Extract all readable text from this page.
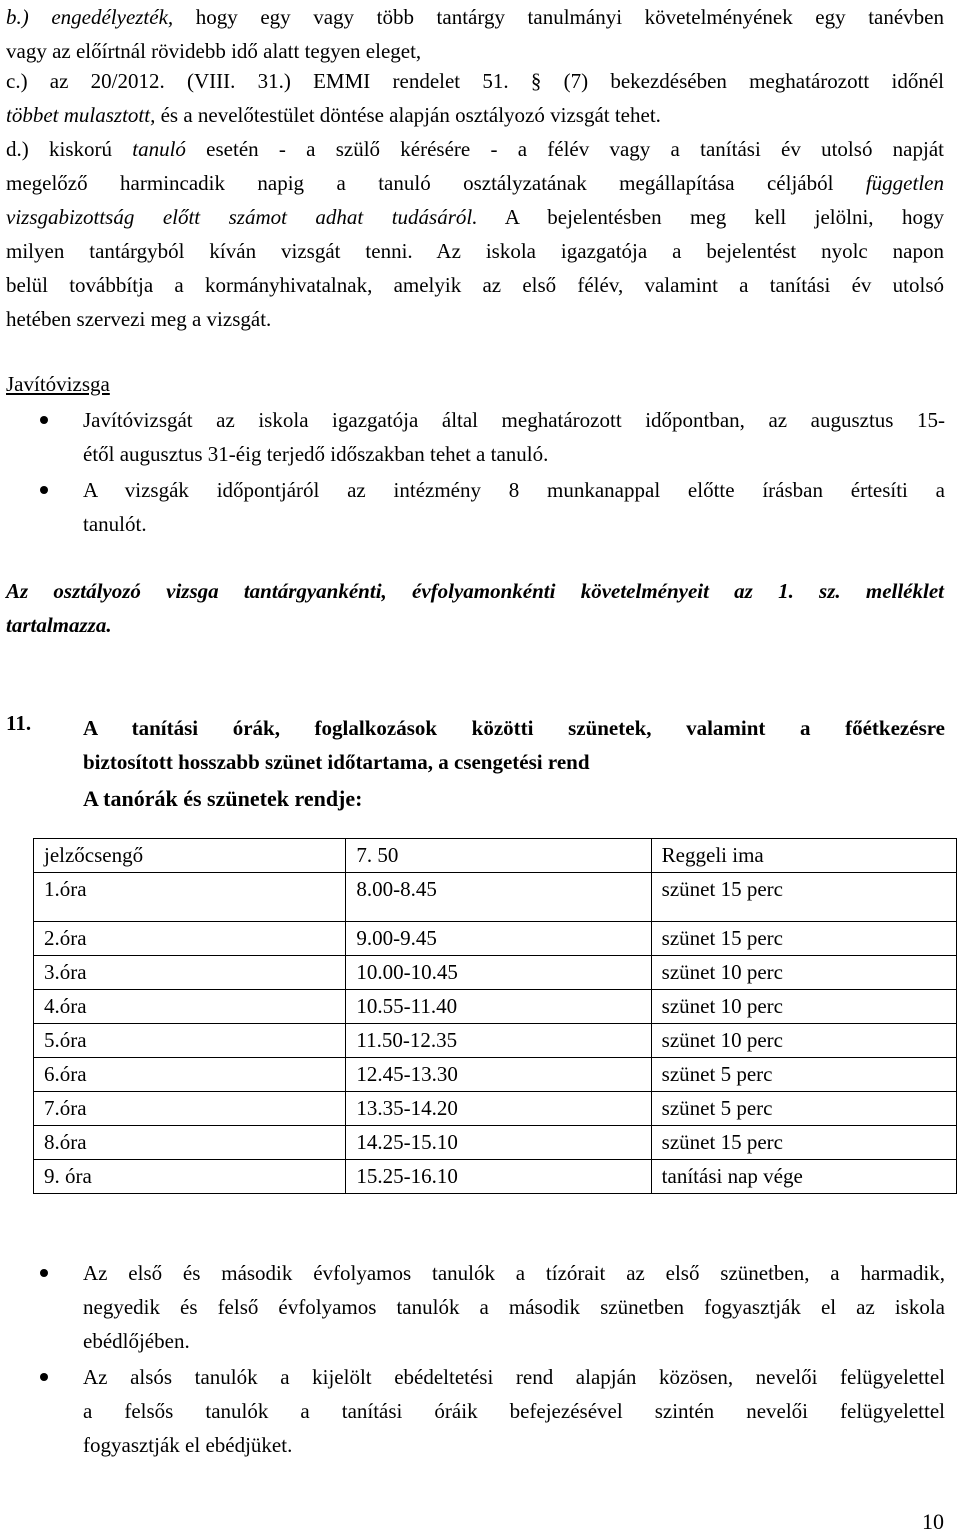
b.) engedélyezték, hogy egy vagy több tantárgy tanulmányi követelményének egy tanévben
vagy az előírtnál rövidebb idő alatt tegyen eleget,
c.) az 20/2012. (VIII. 31.) EMMI rendelet 51. § (7) bekezdésében meghatározott időnél
többet mulasztott, és a nevelőtestület döntése alapján osztályozó vizsgát tehet.
d.) kiskorú tanuló esetén - a szülő kérésére - a félév vagy a tanítási év utolsó napját
megelőző harmincadik napig a tanuló osztályzatának megállapítása céljából független
vizsgabizottság előtt számot adhat tudásáról. A bejelentésben meg kell jelölni, hogy
milyen tantárgyból kíván vizsgát tenni. Az iskola igazgatója a bejelentést nyolc napon
belül továbbítja a kormányhivatalnak, amelyik az első félév, valamint a tanítási év utolsó
hetében szervezi meg a vizsgát.
Javítóvizsga
Javítóvizsgát az iskola igazgatója által meghatározott időpontban, az augusztus 15-
étől augusztus 31-éig terjedő időszakban tehet a tanuló.
A vizsgák időpontjáról az intézmény 8 munkanappal előtte írásban értesíti a
tanulót.
Az osztályozó vizsga tantárgyankénti, évfolyamonkénti követelményeit az 1. sz. melléklet
tartalmazza.
11. A tanítási órák, foglalkozások közötti szünetek, valamint a főétkezésre
biztosított hosszabb szünet időtartama, a csengetési rend
A tanórák és szünetek rendje:
jelzőcsengő	7. 50	Reggeli ima
1.óra	8.00-8.45	szünet 15 perc
2.óra	9.00-9.45	szünet 15 perc
3.óra	10.00-10.45	szünet 10 perc
4.óra	10.55-11.40	szünet 10 perc
5.óra	11.50-12.35	szünet 10 perc
6.óra	12.45-13.30	szünet 5 perc
7.óra	13.35-14.20	szünet 5 perc
8.óra	14.25-15.10	szünet 15 perc
9. óra	15.25-16.10	tanítási nap vége
Az első és második évfolyamos tanulók a tízórait az első szünetben, a harmadik,
negyedik és felső évfolyamos tanulók a második szünetben fogyasztják el az iskola
ebédlőjében.
Az alsós tanulók a kijelölt ebédeltetési rend alapján közösen, nevelői felügyelettel
a felsős tanulók a tanítási óráik befejezésével szintén nevelői felügyelettel
fogyasztják el ebédjüket.
10
